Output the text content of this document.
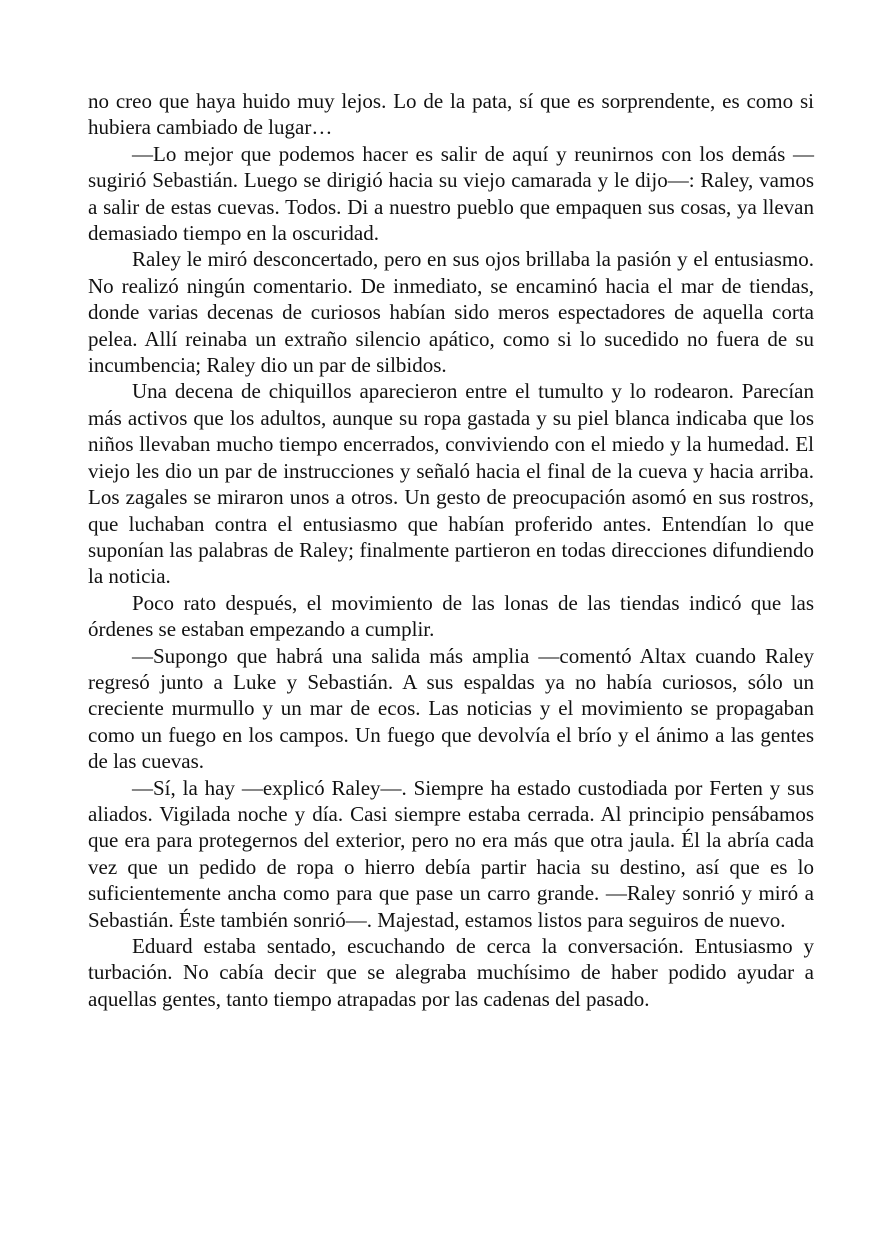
no creo que haya huido muy lejos. Lo de la pata, sí que es sorprendente, es como si hubiera cambiado de lugar…

—Lo mejor que podemos hacer es salir de aquí y reunirnos con los demás —sugirió Sebastián. Luego se dirigió hacia su viejo camarada y le dijo—: Raley, vamos a salir de estas cuevas. Todos. Di a nuestro pueblo que empaquen sus cosas, ya llevan demasiado tiempo en la oscuridad.

Raley le miró desconcertado, pero en sus ojos brillaba la pasión y el entusiasmo. No realizó ningún comentario. De inmediato, se encaminó hacia el mar de tiendas, donde varias decenas de curiosos habían sido meros espectadores de aquella corta pelea. Allí reinaba un extraño silencio apático, como si lo sucedido no fuera de su incumbencia; Raley dio un par de silbidos.

Una decena de chiquillos aparecieron entre el tumulto y lo rodearon. Parecían más activos que los adultos, aunque su ropa gastada y su piel blanca indicaba que los niños llevaban mucho tiempo encerrados, conviviendo con el miedo y la humedad. El viejo les dio un par de instrucciones y señaló hacia el final de la cueva y hacia arriba. Los zagales se miraron unos a otros. Un gesto de preocupación asomó en sus rostros, que luchaban contra el entusiasmo que habían proferido antes. Entendían lo que suponían las palabras de Raley; finalmente partieron en todas direcciones difundiendo la noticia.

Poco rato después, el movimiento de las lonas de las tiendas indicó que las órdenes se estaban empezando a cumplir.

—Supongo que habrá una salida más amplia —comentó Altax cuando Raley regresó junto a Luke y Sebastián. A sus espaldas ya no había curiosos, sólo un creciente murmullo y un mar de ecos. Las noticias y el movimiento se propagaban como un fuego en los campos. Un fuego que devolvía el brío y el ánimo a las gentes de las cuevas.

—Sí, la hay —explicó Raley—. Siempre ha estado custodiada por Ferten y sus aliados. Vigilada noche y día. Casi siempre estaba cerrada. Al principio pensábamos que era para protegernos del exterior, pero no era más que otra jaula. Él la abría cada vez que un pedido de ropa o hierro debía partir hacia su destino, así que es lo suficientemente ancha como para que pase un carro grande. —Raley sonrió y miró a Sebastián. Éste también sonrió—. Majestad, estamos listos para seguiros de nuevo.

Eduard estaba sentado, escuchando de cerca la conversación. Entusiasmo y turbación. No cabía decir que se alegraba muchísimo de haber podido ayudar a aquellas gentes, tanto tiempo atrapadas por las cadenas del pasado.
